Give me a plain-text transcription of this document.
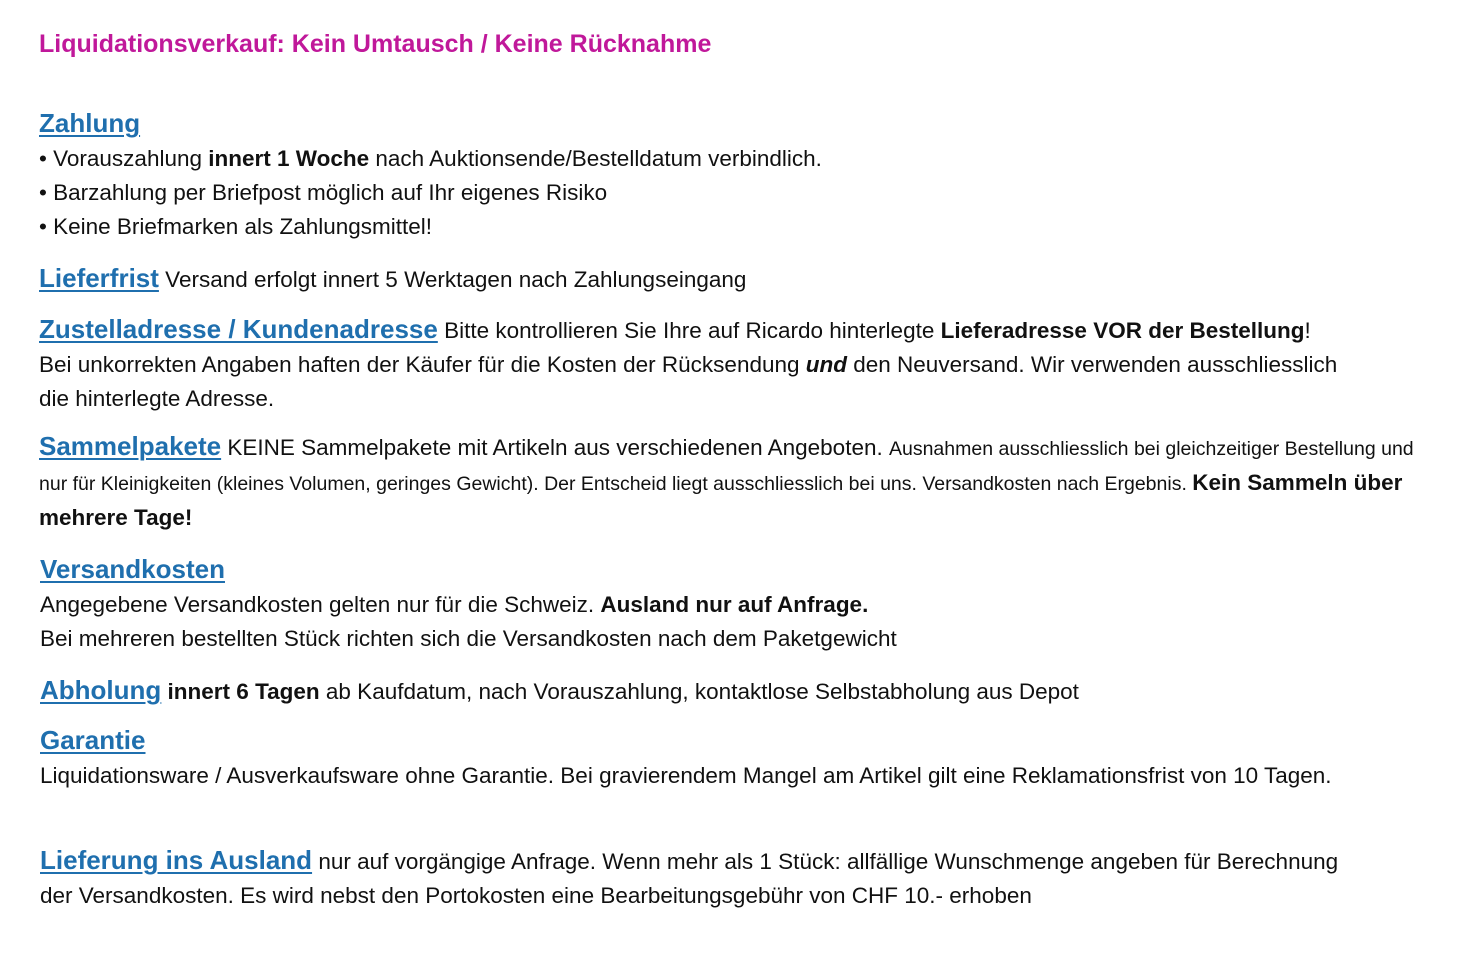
Liquidationsverkauf: Kein Umtausch / Keine Rücknahme
Zahlung
• Vorauszahlung innert 1 Woche nach Auktionsende/Bestelldatum verbindlich.
• Barzahlung per Briefpost möglich auf Ihr eigenes Risiko
• Keine Briefmarken als Zahlungsmittel!
Lieferfrist Versand erfolgt innert 5 Werktagen nach Zahlungseingang
Zustelladresse / Kundenadresse Bitte kontrollieren Sie Ihre auf Ricardo hinterlegte Lieferadresse VOR der Bestellung!
Bei unkorrekten Angaben haften der Käufer für die Kosten der Rücksendung und den Neuversand. Wir verwenden ausschliesslich die hinterlegte Adresse.
Sammelpakete KEINE Sammelpakete mit Artikeln aus verschiedenen Angeboten. Ausnahmen ausschliesslich bei gleichzeitiger Bestellung und nur für Kleinigkeiten (kleines Volumen, geringes Gewicht). Der Entscheid liegt ausschliesslich bei uns. Versandkosten nach Ergebnis. Kein Sammeln über mehrere Tage!
Versandkosten
Angegebene Versandkosten gelten nur für die Schweiz. Ausland nur auf Anfrage.
Bei mehreren bestellten Stück richten sich die Versandkosten nach dem Paketgewicht
Abholung innert 6 Tagen ab Kaufdatum, nach Vorauszahlung, kontaktlose Selbstabholung aus Depot
Garantie
Liquidationsware / Ausverkaufsware ohne Garantie. Bei gravierendem Mangel am Artikel gilt eine Reklamationsfrist von 10 Tagen.
Lieferung ins Ausland nur auf vorgängige Anfrage. Wenn mehr als 1 Stück: allfällige Wunschmenge angeben für Berechnung der Versandkosten. Es wird nebst den Portokosten eine Bearbeitungsgebühr von CHF 10.- erhoben
